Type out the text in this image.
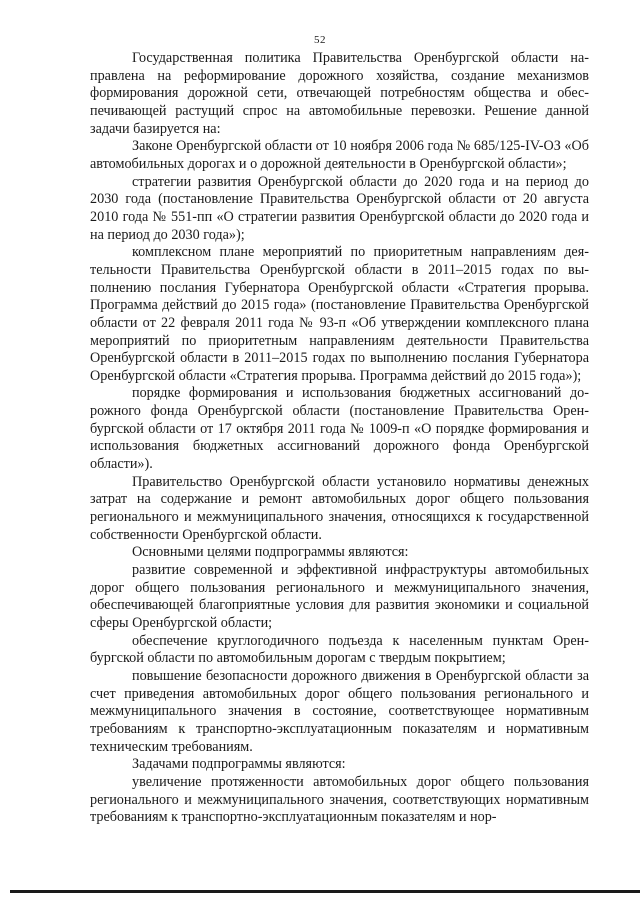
52

Государственная политика Правительства Оренбургской области направлена на реформирование дорожного хозяйства, создание механизмов формирования дорожной сети, отвечающей потребностям общества и обеспечивающей растущий спрос на автомобильные перевозки. Решение данной задачи базируется на:

Законе Оренбургской области от 10 ноября 2006 года № 685/125-IV-ОЗ «Об автомобильных дорогах и о дорожной деятельности в Оренбургской области»;

стратегии развития Оренбургской области до 2020 года и на период до 2030 года (постановление Правительства Оренбургской области от 20 августа 2010 года № 551-пп «О стратегии развития Оренбургской области до 2020 года и на период до 2030 года»);

комплексном плане мероприятий по приоритетным направлениям деятельности Правительства Оренбургской области в 2011–2015 годах по выполнению послания Губернатора Оренбургской области «Стратегия прорыва. Программа действий до 2015 года» (постановление Правительства Оренбургской области от 22 февраля 2011 года № 93-п «Об утверждении комплексного плана мероприятий по приоритетным направлениям деятельности Правительства Оренбургской области в 2011–2015 годах по выполнению послания Губернатора Оренбургской области «Стратегия прорыва. Программа действий до 2015 года»);

порядке формирования и использования бюджетных ассигнований дорожного фонда Оренбургской области (постановление Правительства Оренбургской области от 17 октября 2011 года № 1009-п «О порядке формирования и использования бюджетных ассигнований дорожного фонда Оренбургской области»).

Правительство Оренбургской области установило нормативы денежных затрат на содержание и ремонт автомобильных дорог общего пользования регионального и межмуниципального значения, относящихся к государственной собственности Оренбургской области.

Основными целями подпрограммы являются:

развитие современной и эффективной инфраструктуры автомобильных дорог общего пользования регионального и межмуниципального значения, обеспечивающей благоприятные условия для развития экономики и социальной сферы Оренбургской области;

обеспечение круглогодичного подъезда к населенным пунктам Оренбургской области по автомобильным дорогам с твердым покрытием;

повышение безопасности дорожного движения в Оренбургской области за счет приведения автомобильных дорог общего пользования регионального и межмуниципального значения в состояние, соответствующее нормативным требованиям к транспортно-эксплуатационным показателям и нормативным техническим требованиям.

Задачами подпрограммы являются:

увеличение протяженности автомобильных дорог общего пользования регионального и межмуниципального значения, соответствующих нормативным требованиям к транспортно-эксплуатационным показателям и нор-
